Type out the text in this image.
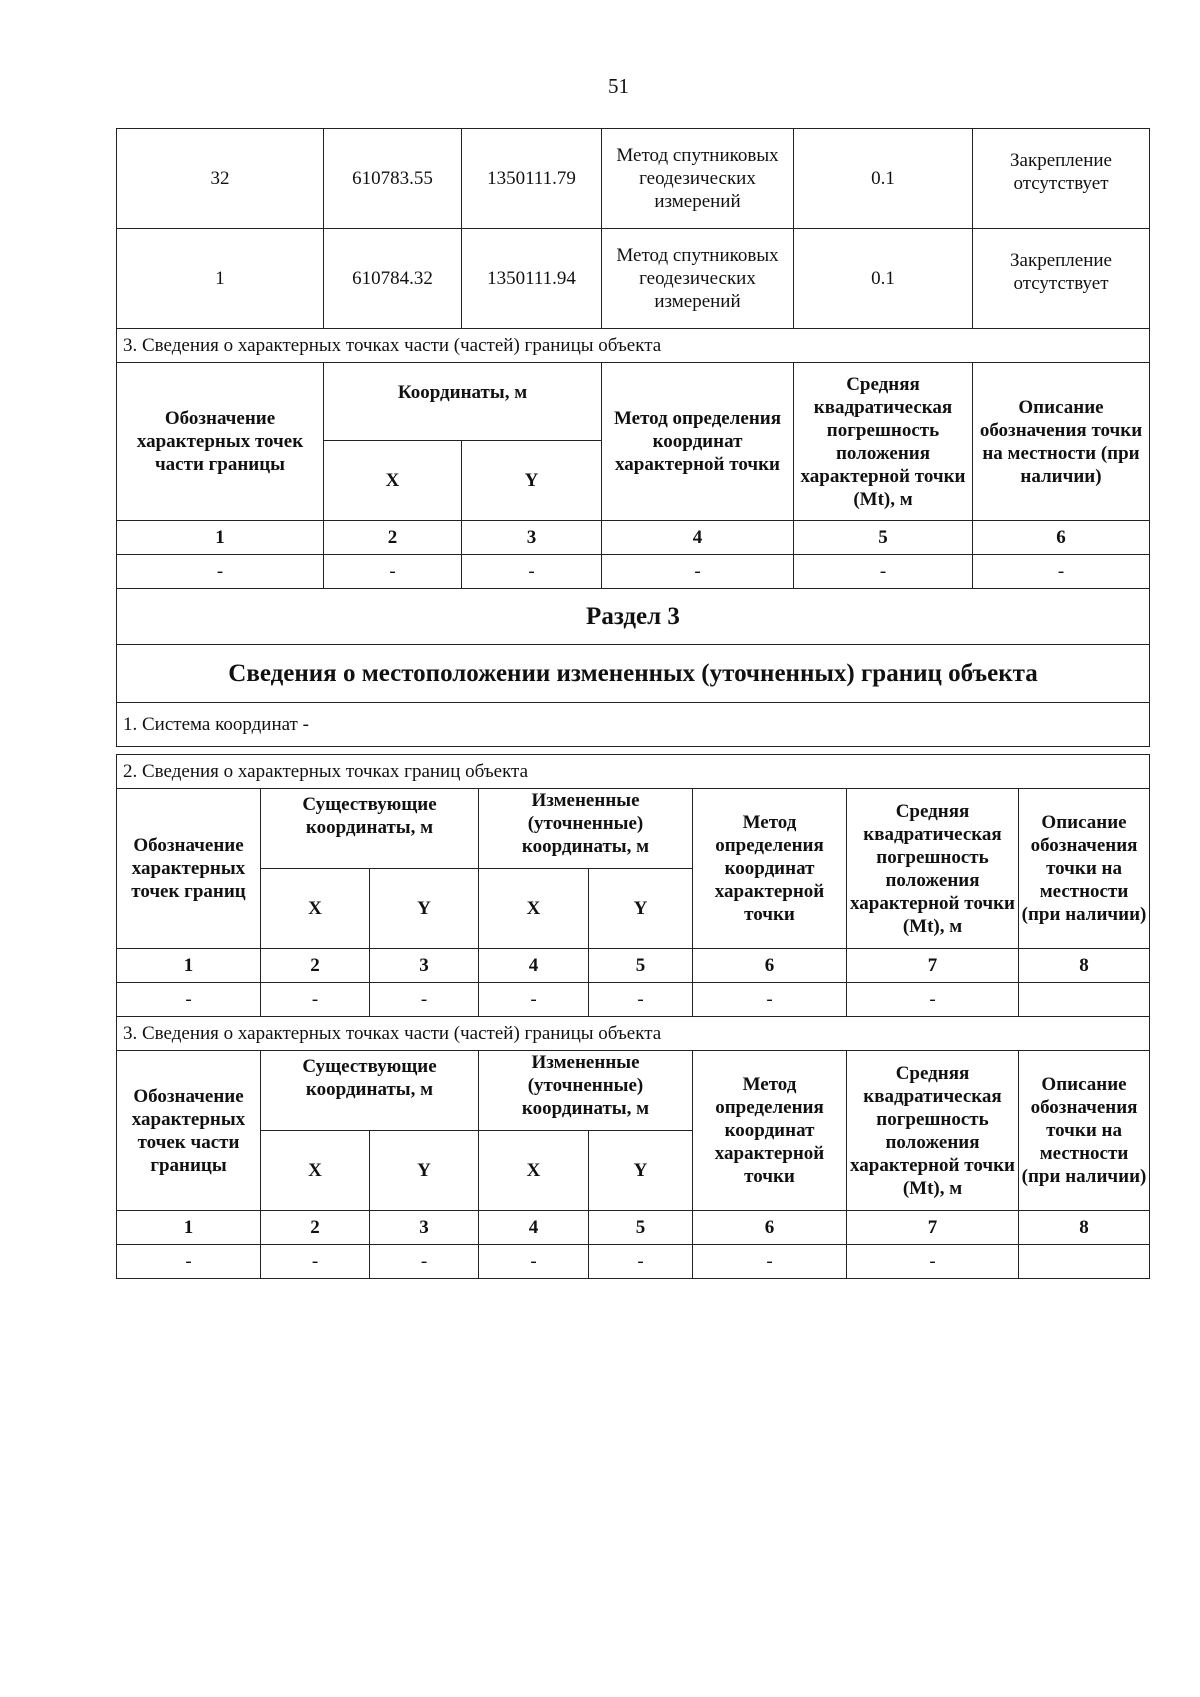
51
32	610783.55	1350111.79	Метод спутниковых геодезических измерений	0.1	Закрепление отсутствует
1	610784.32	1350111.94	Метод спутниковых геодезических измерений	0.1	Закрепление отсутствует
3. Сведения о характерных точках части (частей) границы объекта					
Обозначение характерных точек части границы	Координаты, м		Метод определения координат характерной точки	Средняя квадратическая погрешность положения характерной точки (Mt), м	Описание обозначения точки на местности (при наличии)
	X	Y			
1	2	3	4	5	6
-	-	-	-	-	-
Раздел 3					
Сведения о местоположении измененных (уточненных) границ объекта					
1. Система координат -					
2. Сведения о характерных точках границ объекта							
Обозначение характерных точек границ	Существующие координаты, м		Измененные (уточненные) координаты, м		Метод определения координат характерной точки	Средняя квадратическая погрешность положения характерной точки (Mt), м	Описание обозначения точки на местности (при наличии)
	X	Y	X	Y			
1	2	3	4	5	6	7	8
-	-	-	-	-	-	-	
3. Сведения о характерных точках части (частей) границы объекта							
Обозначение характерных точек части границы	Существующие координаты, м		Измененные (уточненные) координаты, м		Метод определения координат характерной точки	Средняя квадратическая погрешность положения характерной точки (Mt), м	Описание обозначения точки на местности (при наличии)
	X	Y	X	Y			
1	2	3	4	5	6	7	8
-	-	-	-	-	-	-	
